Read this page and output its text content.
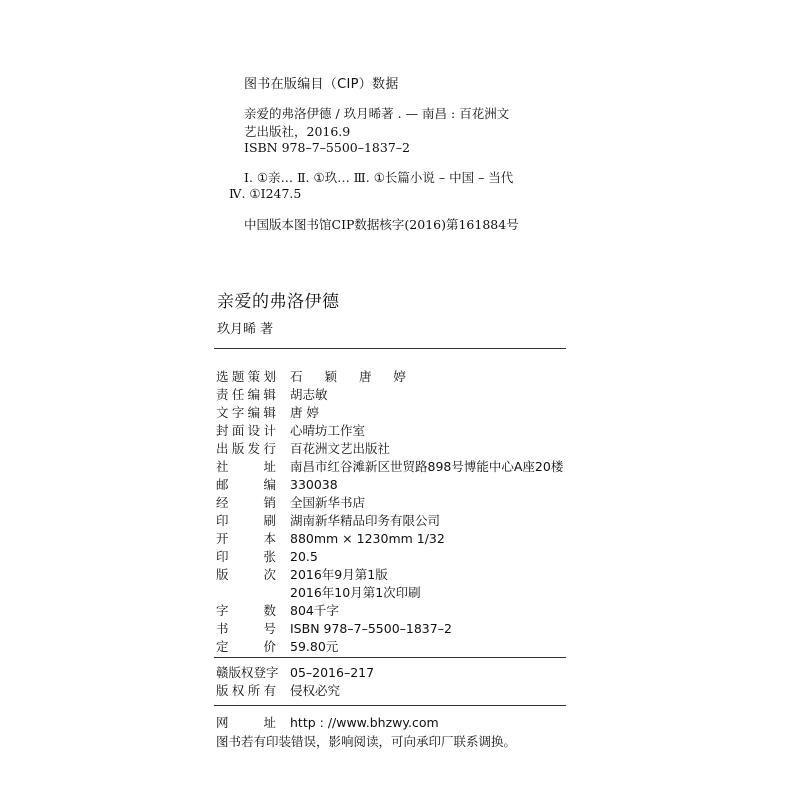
图书在版编目（CIP）数据
亲爱的弗洛伊德 / 玖月晞著 . — 南昌 : 百花洲文
艺出版社，2016.9
ISBN 978–7–5500–1837–2
Ⅰ. ①亲… Ⅱ. ①玖… Ⅲ. ①长篇小说 – 中国 – 当代
Ⅳ. ①I247.5
中国版本图书馆CIP数据核字(2016)第161884号
亲爱的弗洛伊德
玖月晞 著
选题策划 石 颖 唐 婷
责任编辑 胡志敏
文字编辑 唐 婷
封面设计 心晴坊工作室
出版发行 百花洲文艺出版社
社址 南昌市红谷滩新区世贸路898号博能中心A座20楼
邮编 330038
经销 全国新华书店
印刷 湖南新华精品印务有限公司
开本 880mm × 1230mm 1/32
印张 20.5
版次 2016年9月第1版
2016年10月第1次印刷
字数 804千字
书号 ISBN 978–7–5500–1837–2
定价 59.80元
赣版权登字 05–2016–217
版权所有 侵权必究
网址 http : //www.bhzwy.com
图书若有印装错误，影响阅读，可向承印厂联系调换。
